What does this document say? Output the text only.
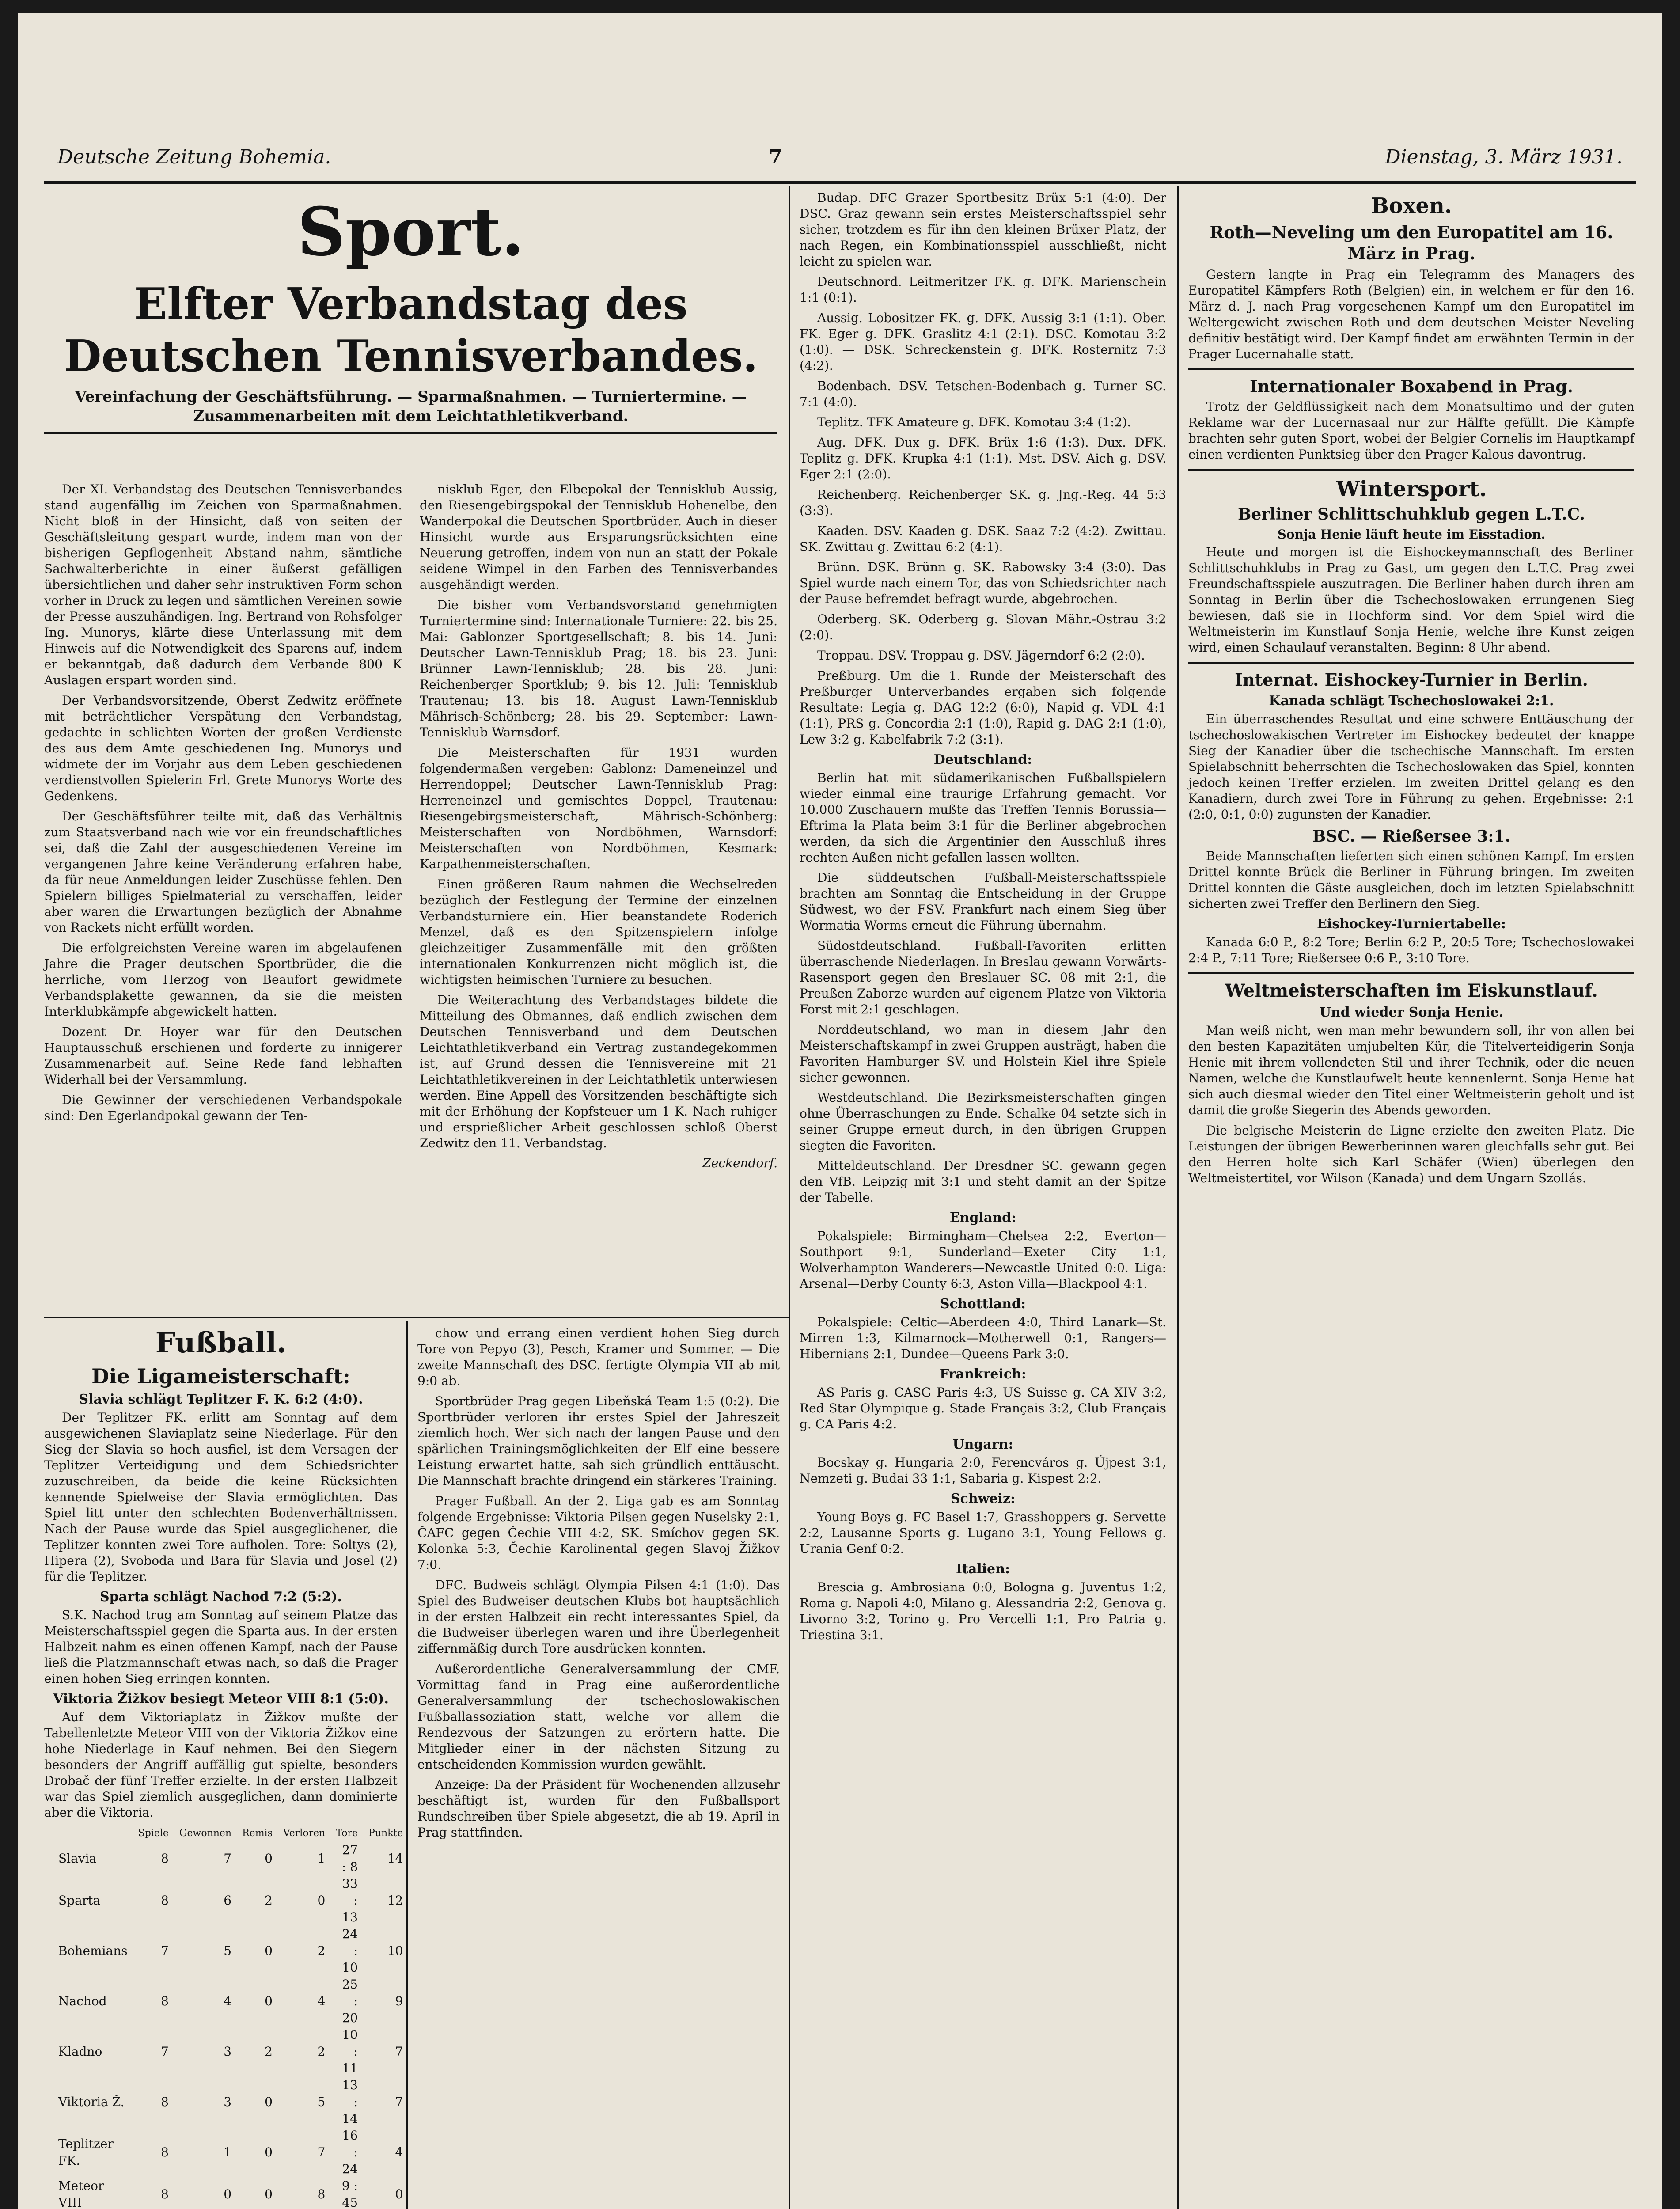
Deutsche Zeitung Bohemia.	7	Dienstag, 3. März 1931.
Sport.
Elfter Verbandstag des Deutschen Tennisverbandes.
Vereinfachung der Geschäftsführung. — Sparmaßnahmen. — Turniertermine. — Zusammenarbeiten mit dem Leichtathletikverband.

Der XI. Verbandstag des Deutschen Tennisverbandes stand augenfällig im Zeichen von Sparmaßnahmen. Nicht bloß in der Hinsicht, daß von seiten der Geschäftsleitung gespart wurde, indem man von der bisherigen Gepflogenheit Abstand nahm, sämtliche Sachwalterberichte in einer äußerst gefälligen übersichtlichen und daher sehr instruktiven Form schon vorher in Druck zu legen und sämtlichen Vereinen sowie der Presse auszuhändigen. Ing. Bertrand von Rohsfolger Ing. Munorys, klärte diese Unterlassung mit dem Hinweis auf die Notwendigkeit des Sparens auf, indem er bekanntgab, daß dadurch dem Verbande 800 K Auslagen erspart worden sind.

Der Verbandsvorsitzende, Oberst Zedwitz eröffnete mit beträchtlicher Verspätung den Verbandstag, gedachte in schlichten Worten der großen Verdienste des aus dem Amte geschiedenen Ing. Munorys und widmete der im Vorjahr aus dem Leben geschiedenen verdienstvollen Spielerin Frl. Grete Munorys Worte des Gedenkens.

Der Geschäftsführer teilte mit, daß das Verhältnis zum Staatsverband nach wie vor ein freundschaftliches sei, daß die Zahl der ausgeschiedenen Vereine im vergangenen Jahre keine Veränderung erfahren habe, da für neue Anmeldungen leider Zuschüsse fehlen. Den Spielern billiges Spielmaterial zu verschaffen, leider aber waren die Erwartungen bezüglich der Abnahme von Rackets nicht erfüllt worden.

Die erfolgreichsten Vereine waren im abgelaufenen Jahre die Prager deutschen Sportbrüder, die die herrliche, vom Herzog von Beaufort gewidmete Verbandsplakette gewannen, da sie die meisten Interklubkämpfe abgewickelt hatten.

Dozent Dr. Hoyer war für den Deutschen Hauptausschuß erschienen und forderte zu innigerer Zusammenarbeit auf. Seine Rede fand lebhaften Widerhall bei der Versammlung.

Die Gewinner der verschiedenen Verbandspokale sind: Den Egerlandpokal gewann der Ten-

nisklub Eger, den Elbepokal der Tennisklub Aussig, den Riesengebirgspokal der Tennisklub Hohenelbe, den Wanderpokal die Deutschen Sportbrüder. Auch in dieser Hinsicht wurde aus Ersparungsrücksichten eine Neuerung getroffen, indem von nun an statt der Pokale seidene Wimpel in den Farben des Tennisverbandes ausgehändigt werden.

Die bisher vom Verbandsvorstand genehmigten Turniertermine sind: Internationale Turniere: 22. bis 25. Mai: Gablonzer Sportgesellschaft; 8. bis 14. Juni: Deutscher Lawn-Tennisklub Prag; 18. bis 23. Juni: Brünner Lawn-Tennisklub; 28. bis 28. Juni: Reichenberger Sportklub; 9. bis 12. Juli: Tennisklub Trautenau; 13. bis 18. August Lawn-Tennisklub Mährisch-Schönberg; 28. bis 29. September: Lawn-Tennisklub Warnsdorf.

Die Meisterschaften für 1931 wurden folgendermaßen vergeben: Gablonz: Dameneinzel und Herrendoppel; Deutscher Lawn-Tennisklub Prag: Herreneinzel und gemischtes Doppel, Trautenau: Riesengebirgsmeisterschaft, Mährisch-Schönberg: Meisterschaften von Nordböhmen, Warnsdorf: Meisterschaften von Nordböhmen, Kesmark: Karpathenmeisterschaften.

Einen größeren Raum nahmen die Wechselreden bezüglich der Festlegung der Termine der einzelnen Verbandsturniere ein. Hier beanstandete Roderich Menzel, daß es den Spitzenspielern infolge gleichzeitiger Zusammenfälle mit den größten internationalen Konkurrenzen nicht möglich ist, die wichtigsten heimischen Turniere zu besuchen.

Die Weiterachtung des Verbandstages bildete die Mitteilung des Obmannes, daß endlich zwischen dem Deutschen Tennisverband und dem Deutschen Leichtathletikverband ein Vertrag zustandegekommen ist, auf Grund dessen die Tennisvereine mit 21 Leichtathletikvereinen in der Leichtathletik unterwiesen werden. Eine Appell des Vorsitzenden beschäftigte sich mit der Erhöhung der Kopfsteuer um 1 K. Nach ruhiger und ersprießlicher Arbeit geschlossen schloß Oberst Zedwitz den 11. Verbandstag.

Zeckendorf.
Fußball.
Die Ligameisterschaft:
Slavia schlägt Teplitzer F. K. 6:2 (4:0).

Der Teplitzer FK. erlitt am Sonntag auf dem ausgewichenen Slaviaplatz seine Niederlage. Für den Sieg der Slavia so hoch ausfiel, ist dem Versagen der Teplitzer Verteidigung und dem Schiedsrichter zuzuschreiben, da beide die keine Rücksichten kennende Spielweise der Slavia ermöglichten. Das Spiel litt unter den schlechten Bodenverhältnissen. Nach der Pause wurde das Spiel ausgeglichener, die Teplitzer konnten zwei Tore aufholen. Tore: Soltys (2), Hipera (2), Svoboda und Bara für Slavia und Josel (2) für die Teplitzer.

Sparta schlägt Nachod 7:2 (5:2).

S.K. Nachod trug am Sonntag auf seinem Platze das Meisterschaftsspiel gegen die Sparta aus. In der ersten Halbzeit nahm es einen offenen Kampf, nach der Pause ließ die Platzmannschaft etwas nach, so daß die Prager einen hohen Sieg erringen konnten.

Viktoria Žižkov besiegt Meteor VIII 8:1 (5:0).

Auf dem Viktoriaplatz in Žižkov mußte der Tabellenletzte Meteor VIII von der Viktoria Žižkov eine hohe Niederlage in Kauf nehmen. Bei den Siegern besonders der Angriff auffällig gut spielte, besonders Drobač der fünf Treffer erzielte. In der ersten Halbzeit war das Spiel ziemlich ausgeglichen, dann dominierte aber die Viktoria.

	Spiele	Gewonnen	Remis	Verloren	Tore	Punkte
Slavia	8	7	0	1	27 : 8	14
Sparta	8	6	2	0	33 : 13	12
Bohemians	7	5	0	2	24 : 10	10
Nachod	8	4	0	4	25 : 20	9
Kladno	7	3	2	2	10 : 11	7
Viktoria Ž.	8	3	0	5	13 : 14	7
Teplitzer FK.	8	1	0	7	16 : 24	4
Meteor VIII	8	0	0	8	9 : 45	0

chow und errang einen verdient hohen Sieg durch Tore von Pepyo (3), Pesch, Kramer und Sommer. — Die zweite Mannschaft des DSC. fertigte Olympia VII ab mit 9:0 ab.

Sportbrüder Prag gegen Libeňská Team 1:5 (0:2). Die Sportbrüder verloren ihr erstes Spiel der Jahreszeit ziemlich hoch. Wer sich nach der langen Pause und den spärlichen Trainingsmöglichkeiten der Elf eine bessere Leistung erwartet hatte, sah sich gründlich enttäuscht. Die Mannschaft brachte dringend ein stärkeres Training.

Prager Fußball. An der 2. Liga gab es am Sonntag folgende Ergebnisse: Viktoria Pilsen gegen Nuselsky 2:1, ČAFC gegen Čechie VIII 4:2, SK. Smíchov gegen SK. Kolonka 5:3, Čechie Karolinental gegen Slavoj Žižkov 7:0.

DFC. Budweis schlägt Olympia Pilsen 4:1 (1:0). Das Spiel des Budweiser deutschen Klubs bot hauptsächlich in der ersten Halbzeit ein recht interessantes Spiel, da die Budweiser überlegen waren und ihre Überlegenheit ziffernmäßig durch Tore ausdrücken konnten.

Außerordentliche Generalversammlung der CMF. Vormittag fand in Prag eine außerordentliche Generalversammlung der tschechoslowakischen Fußballassoziation statt, welche vor allem die Rendezvous der Satzungen zu erörtern hatte. Die Mitglieder einer in der nächsten Sitzung zu entscheidenden Kommission wurden gewählt.

Anzeige: Da der Präsident für Wochenenden allzusehr beschäftigt ist, wurden für den Fußballsport Rundschreiben über Spiele abgesetzt, die ab 19. April in Prag stattfinden.

Budap. DFC Grazer Sportbesitz Brüx 5:1 (4:0). Der DSC. Graz gewann sein erstes Meisterschaftsspiel sehr sicher, trotzdem es für ihn den kleinen Brüxer Platz, der nach Regen, ein Kombinationsspiel ausschließt, nicht leicht zu spielen war.

Deutschnord. Leitmeritzer FK. g. DFK. Marienschein 1:1 (0:1).

Aussig. Lobositzer FK. g. DFK. Aussig 3:1 (1:1). Ober. FK. Eger g. DFK. Graslitz 4:1 (2:1). DSC. Komotau 3:2 (1:0). — DSK. Schreckenstein g. DFK. Rosternitz 7:3 (4:2).

Bodenbach. DSV. Tetschen-Bodenbach g. Turner SC. 7:1 (4:0).

Teplitz. TFK Amateure g. DFK. Komotau 3:4 (1:2).

Aug. DFK. Dux g. DFK. Brüx 1:6 (1:3). Dux. DFK. Teplitz g. DFK. Krupka 4:1 (1:1). Mst. DSV. Aich g. DSV. Eger 2:1 (2:0).

Reichenberg. Reichenberger SK. g. Jng.-Reg. 44 5:3 (3:3).

Kaaden. DSV. Kaaden g. DSK. Saaz 7:2 (4:2). Zwittau. SK. Zwittau g. Zwittau 6:2 (4:1).

Brünn. DSK. Brünn g. SK. Rabowsky 3:4 (3:0). Das Spiel wurde nach einem Tor, das von Schiedsrichter nach der Pause befremdet befragt wurde, abgebrochen.

Oderberg. SK. Oderberg g. Slovan Mähr.-Ostrau 3:2 (2:0).

Troppau. DSV. Troppau g. DSV. Jägerndorf 6:2 (2:0).

Preßburg. Um die 1. Runde der Meisterschaft des Preßburger Unterverbandes ergaben sich folgende Resultate: Legia g. DAG 12:2 (6:0), Napid g. VDL 4:1 (1:1), PRS g. Concordia 2:1 (1:0), Rapid g. DAG 2:1 (1:0), Lew 3:2 g. Kabelfabrik 7:2 (3:1).

Deutschland:

Berlin hat mit südamerikanischen Fußballspielern wieder einmal eine traurige Erfahrung gemacht. Vor 10.000 Zuschauern mußte das Treffen Tennis Borussia—Eftrima la Plata beim 3:1 für die Berliner abgebrochen werden, da sich die Argentinier den Ausschluß ihres rechten Außen nicht gefallen lassen wollten.

Die süddeutschen Fußball-Meisterschaftsspiele brachten am Sonntag die Entscheidung in der Gruppe Südwest, wo der FSV. Frankfurt nach einem Sieg über Wormatia Worms erneut die Führung übernahm.

Südostdeutschland. Fußball-Favoriten erlitten überraschende Niederlagen. In Breslau gewann Vorwärts-Rasensport gegen den Breslauer SC. 08 mit 2:1, die Preußen Zaborze wurden auf eigenem Platze von Viktoria Forst mit 2:1 geschlagen.

Norddeutschland, wo man in diesem Jahr den Meisterschaftskampf in zwei Gruppen austrägt, haben die Favoriten Hamburger SV. und Holstein Kiel ihre Spiele sicher gewonnen.

Westdeutschland. Die Bezirksmeisterschaften gingen ohne Überraschungen zu Ende. Schalke 04 setzte sich in seiner Gruppe erneut durch, in den übrigen Gruppen siegten die Favoriten.

Mitteldeutschland. Der Dresdner SC. gewann gegen den VfB. Leipzig mit 3:1 und steht damit an der Spitze der Tabelle.

England:

Pokalspiele: Birmingham—Chelsea 2:2, Everton—Southport 9:1, Sunderland—Exeter City 1:1, Wolverhampton Wanderers—Newcastle United 0:0. Liga: Arsenal—Derby County 6:3, Aston Villa—Blackpool 4:1.

Schottland:

Pokalspiele: Celtic—Aberdeen 4:0, Third Lanark—St. Mirren 1:3, Kilmarnock—Motherwell 0:1, Rangers—Hibernians 2:1, Dundee—Queens Park 3:0.

Frankreich:

AS Paris g. CASG Paris 4:3, US Suisse g. CA XIV 3:2, Red Star Olympique g. Stade Français 3:2, Club Français g. CA Paris 4:2.

Ungarn:

Bocskay g. Hungaria 2:0, Ferencváros g. Újpest 3:1, Nemzeti g. Budai 33 1:1, Sabaria g. Kispest 2:2.

Schweiz:

Young Boys g. FC Basel 1:7, Grasshoppers g. Servette 2:2, Lausanne Sports g. Lugano 3:1, Young Fellows g. Urania Genf 0:2.

Italien:

Brescia g. Ambrosiana 0:0, Bologna g. Juventus 1:2, Roma g. Napoli 4:0, Milano g. Alessandria 2:2, Genova g. Livorno 3:2, Torino g. Pro Vercelli 1:1, Pro Patria g. Triestina 3:1.

Boxen.
Roth—Neveling um den Europatitel am 16. März in Prag.

Gestern langte in Prag ein Telegramm des Managers des Europatitel Kämpfers Roth (Belgien) ein, in welchem er für den 16. März d. J. nach Prag vorgesehenen Kampf um den Europatitel im Weltergewicht zwischen Roth und dem deutschen Meister Neveling definitiv bestätigt wird. Der Kampf findet am erwähnten Termin in der Prager Lucernahalle statt.

Internationaler Boxabend in Prag.

Trotz der Geldflüssigkeit nach dem Monatsultimo und der guten Reklame war der Lucernasaal nur zur Hälfte gefüllt. Die Kämpfe brachten sehr guten Sport, wobei der Belgier Cornelis im Hauptkampf einen verdienten Punktsieg über den Prager Kalous davontrug.

Wintersport.
Berliner Schlittschuhklub gegen L.T.C.
Sonja Henie läuft heute im Eisstadion.

Heute und morgen ist die Eishockeymannschaft des Berliner Schlittschuhklubs in Prag zu Gast, um gegen den L.T.C. Prag zwei Freundschaftsspiele auszutragen. Die Berliner haben durch ihren am Sonntag in Berlin über die Tschechoslowaken errungenen Sieg bewiesen, daß sie in Hochform sind. Vor dem Spiel wird die Weltmeisterin im Kunstlauf Sonja Henie, welche ihre Kunst zeigen wird, einen Schaulauf veranstalten. Beginn: 8 Uhr abend.

Internat. Eishockey-Turnier in Berlin.
Kanada schlägt Tschechoslowakei 2:1.

Ein überraschendes Resultat und eine schwere Enttäuschung der tschechoslowakischen Vertreter im Eishockey bedeutet der knappe Sieg der Kanadier über die tschechische Mannschaft. Im ersten Spielabschnitt beherrschten die Tschechoslowaken das Spiel, konnten jedoch keinen Treffer erzielen. Im zweiten Drittel gelang es den Kanadiern, durch zwei Tore in Führung zu gehen. Ergebnisse: 2:1 (2:0, 0:1, 0:0) zugunsten der Kanadier.

BSC. — Rießersee 3:1.

Beide Mannschaften lieferten sich einen schönen Kampf. Im ersten Drittel konnte Brück die Berliner in Führung bringen. Im zweiten Drittel konnten die Gäste ausgleichen, doch im letzten Spielabschnitt sicherten zwei Treffer den Berlinern den Sieg.

Eishockey-Turniertabelle:

Kanada 6:0 P., 8:2 Tore; Berlin 6:2 P., 20:5 Tore; Tschechoslowakei 2:4 P., 7:11 Tore; Rießersee 0:6 P., 3:10 Tore.

Weltmeisterschaften im Eiskunstlauf.
Und wieder Sonja Henie.

Man weiß nicht, wen man mehr bewundern soll, ihr von allen bei den besten Kapazitäten umjubelten Kür, die Titelverteidigerin Sonja Henie mit ihrem vollendeten Stil und ihrer Technik, oder die neuen Namen, welche die Kunstlaufwelt heute kennenlernt. Sonja Henie hat sich auch diesmal wieder den Titel einer Weltmeisterin geholt und ist damit die große Siegerin des Abends geworden.

Die belgische Meisterin de Ligne erzielte den zweiten Platz. Die Leistungen der übrigen Bewerberinnen waren gleichfalls sehr gut. Bei den Herren holte sich Karl Schäfer (Wien) überlegen den Weltmeistertitel, vor Wilson (Kanada) und dem Ungarn Szollás.
